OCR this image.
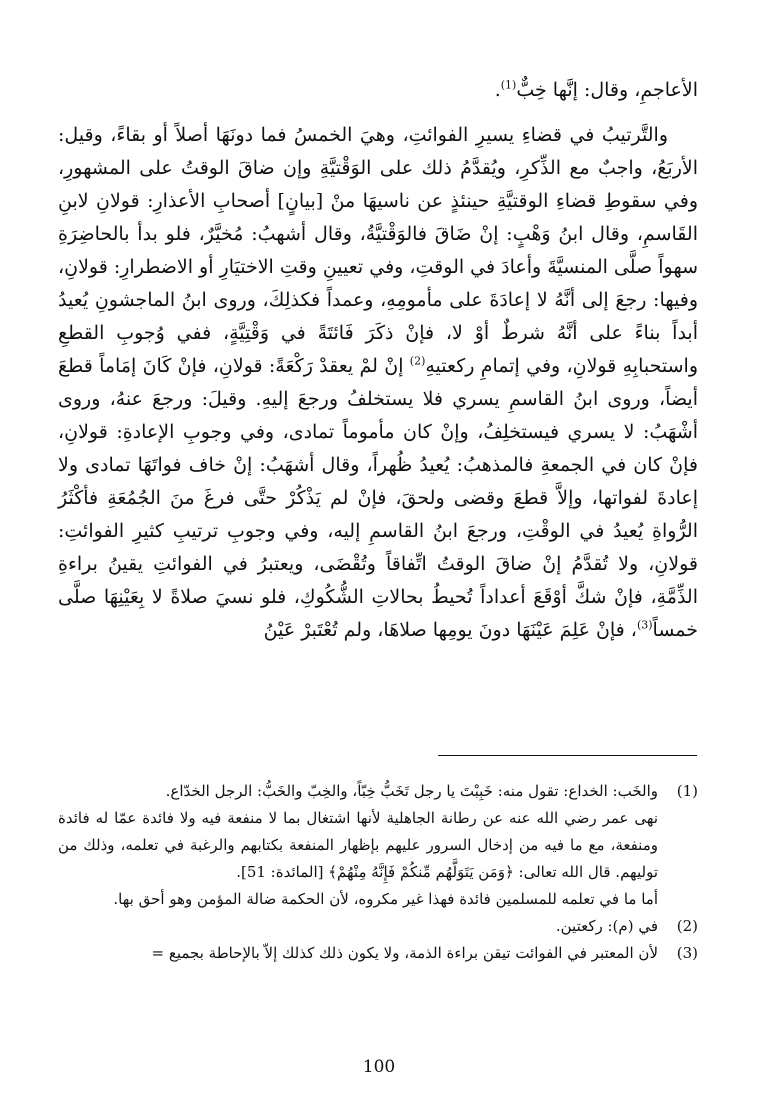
الأعاجمِ، وقال: إنَّها خِبٌّ$^{(1)}$.

والتَّرتيبُ في قضاءِ يسيرِ الفوائتِ، وهيَ الخمسُ فما دونَهَا أصلاً أو بقاءً، وقيل: الأربَعُ، واجبٌ مع الذِّكرِ، ويُقدَّمُ ذلك على الوَقْتيَّةِ وإن ضاقَ الوقتُ على المشهورِ، وفي سقوطِ قضاءِ الوقتيَّةِ حينئذٍ عن ناسيهَا منْ [بيانٍ] أصحابِ الأعذارِ: قولانِ لابنِ القَاسمِ، وقال ابنُ وَهْبٍ: إنْ ضَاقَ فالوَقْتيَّةُ، وقال أشهبُ: مُخيَّرٌ، فلو بدأ بالحاضِرَةِ سهواً صلَّى المنسيَّةَ وأعادَ في الوقتِ، وفي تعيينِ وقتِ الاختيَارِ أو الاضطرارِ: قولانِ، وفيها: رجعَ إلى أنَّهُ لا إعادَةَ على مأمومِهِ، وعمداً فكذلِكَ، وروى ابنُ الماجشونِ يُعيدُ أبداً بناءً على أنَّهُ شرطٌ أوْ لا، فإنْ ذكَرَ فَائتَةً في وَقْتِيَّةٍ، ففي وُجوبِ القطعِ واستحبابِهِ قولانِ، وفي إتمامِ ركعتيهِ$^{(2)}$ إنْ لمْ يعقدْ رَكْعَةً: قولانِ، فإنْ كَانَ إمَاماً قطعَ أيضاً، وروى ابنُ القاسمِ يسري فلا يستخلفُ ورجعَ إليهِ. وقيلَ: ورجعَ عنهُ، وروى أشْهَبُ: لا يسري فيستخلِفُ، وإنْ كان مأموماً تمادى، وفي وجوبِ الإعادةِ: قولانِ، فإنْ كان في الجمعةِ فالمذهبُ: يُعيدُ ظُهراً، وقال أشهَبُ: إنْ خاف فواتَهَا تمادى ولا إعادةَ لفواتها، وإلاَّ قطعَ وقضى ولحقَ، فإنْ لم يَذْكُرْ حتَّى فرغَ منَ الجُمُعَةِ فأكْثَرُ الرُّواةِ يُعيدُ في الوقْتِ، ورجعَ ابنُ القاسمِ إليه، وفي وجوبِ ترتيبِ كثيرِ الفوائتِ: قولانِ، ولا تُقدَّمُ إنْ ضاقَ الوقتُ اتِّفاقاً وتُقْضَى، ويعتبرُ في الفوائتِ يقينُ براءةِ الذِّمَّةِ، فإنْ شكَّ أوْقَعَ أعداداً تُحيطُ بحالاتِ الشُّكُوكِ، فلو نسيَ صلاةً لا بِعَيْنِهَا صلَّى خمساً$^{(3)}$، فإنْ عَلِمَ عَيْنَهَا دونَ يومِها صلاهَا، ولم تُعْتَبرْ عَيْنُ

(1)

والخَب: الخداع: تقول منه: خَبِبْتَ يا رجل تَخَبُّ خِبّاً، والخِبّ والخَبُّ: الرجل الخدّاع.

نهى عمر رضي الله عنه عن رطانة الجاهلية لأنها اشتغال بما لا منفعة فيه ولا فائدة عمّا له فائدة ومنفعة، مع ما فيه من إدخال السرور عليهم بإظهار المنفعة بكتابهم والرغبة في تعلمه، وذلك من توليهم. قال الله تعالى: ﴿وَمَن يَتَوَلَّهُم مِّنكُمْ فَإِنَّهُ مِنْهُمْ﴾ [المائدة: 51].

أما ما في تعلمه للمسلمين فائدة فهذا غير مكروه، لأن الحكمة ضالة المؤمن وهو أحق بها.

(2)

في (م): ركعتين.

(3)

لأن المعتبر في الفوائت تيقن براءة الذمة، ولا يكون ذلك كذلك إلاّ بالإحاطة بجميع =

100
